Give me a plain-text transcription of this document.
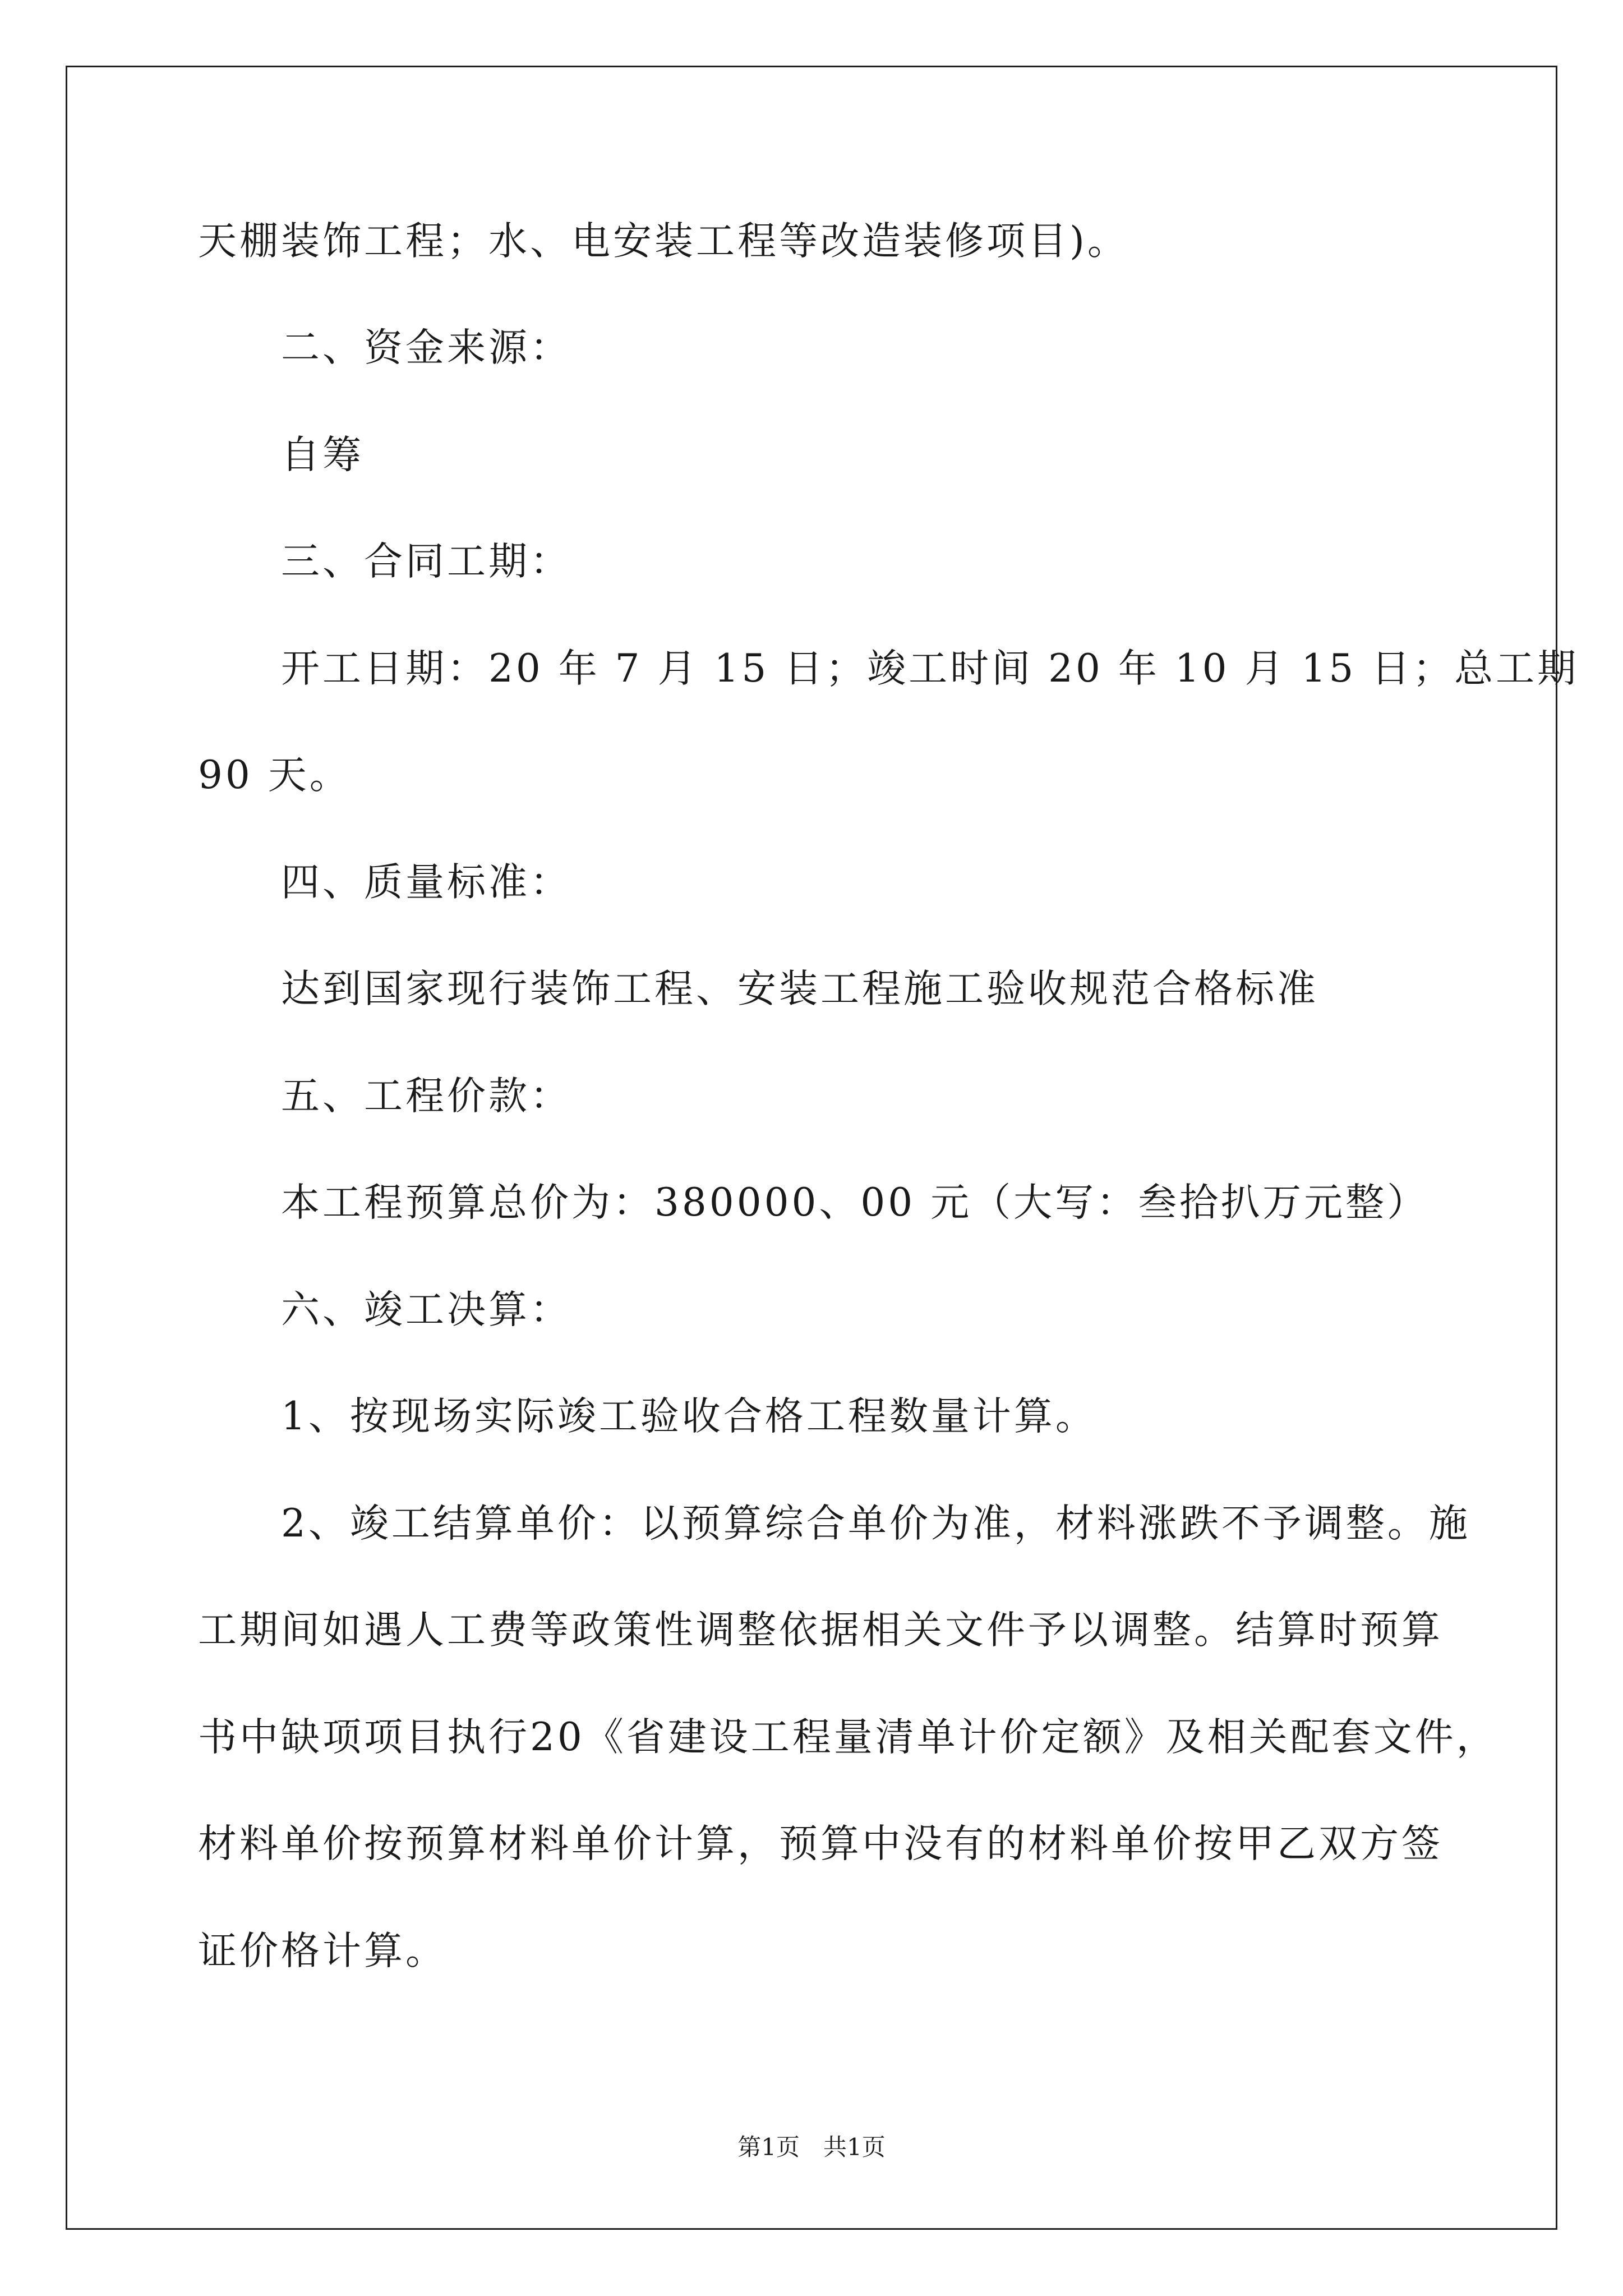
天棚装饰工程；水、电安装工程等改造装修项目)。
二、资金来源：
自筹
三、合同工期：
开工日期：20 年 7 月 15 日；竣工时间 20 年 10 月 15 日；总工期
90 天。
四、质量标准：
达到国家现行装饰工程、安装工程施工验收规范合格标准
五、工程价款：
本工程预算总价为：380000、00 元（大写：叁拾扒万元整）
六、竣工决算：
1、按现场实际竣工验收合格工程数量计算。
2、竣工结算单价：以预算综合单价为准，材料涨跌不予调整。施
工期间如遇人工费等政策性调整依据相关文件予以调整。结算时预算
书中缺项项目执行20《省建设工程量清单计价定额》及相关配套文件，
材料单价按预算材料单价计算，预算中没有的材料单价按甲乙双方签
证价格计算。
第1页　共1页
